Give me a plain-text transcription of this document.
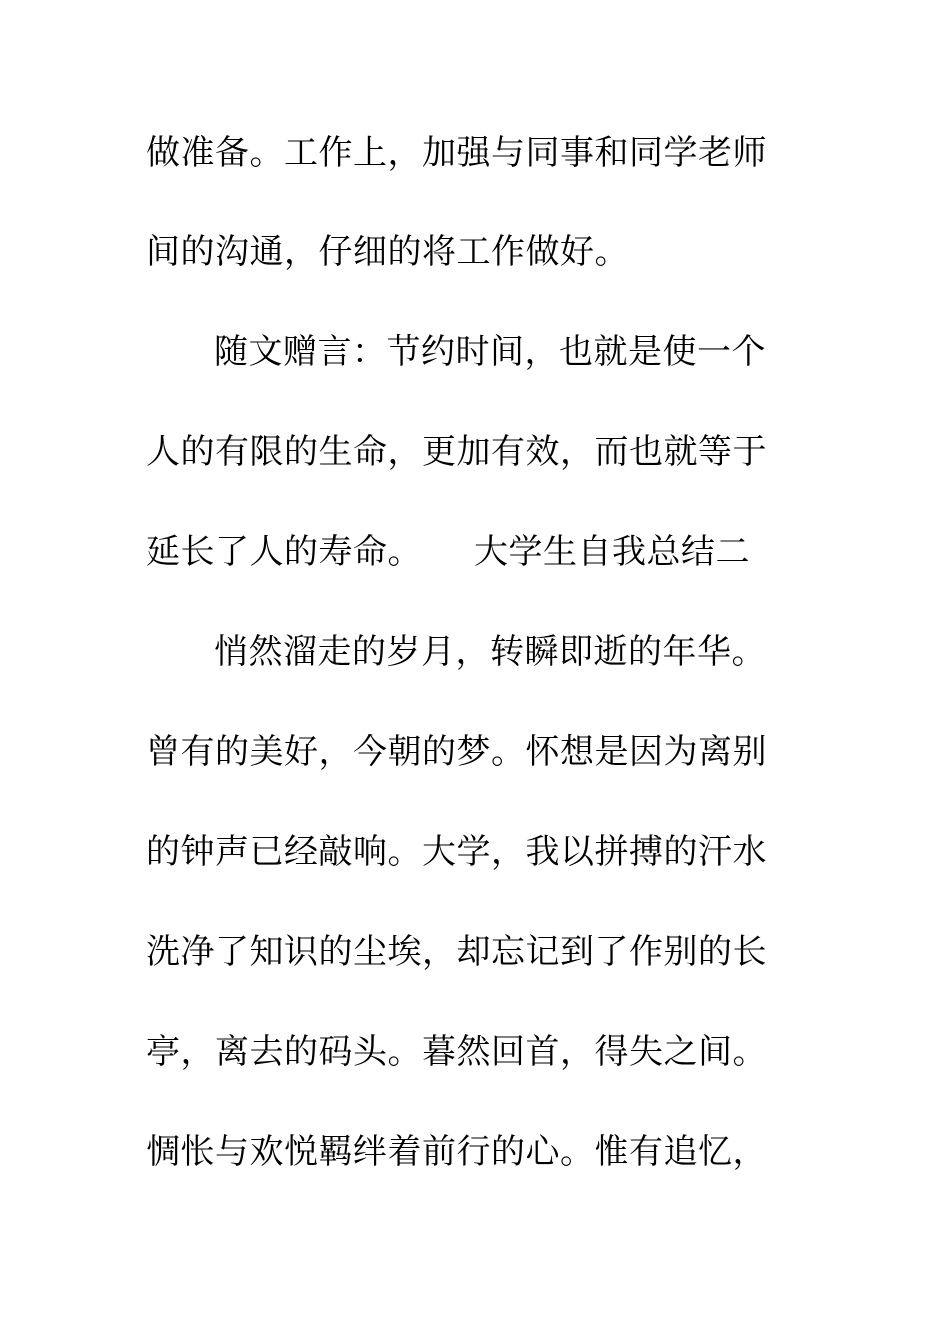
做准备。工作上，加强与同事和同学老师
间的沟通，仔细的将工作做好。
随文赠言：节约时间，也就是使一个
人的有限的生命，更加有效，而也就等于
延长了人的寿命。　　大学生自我总结二
悄然溜走的岁月，转瞬即逝的年华。
曾有的美好，今朝的梦。怀想是因为离别
的钟声已经敲响。大学，我以拼搏的汗水
洗净了知识的尘埃，却忘记到了作别的长
亭，离去的码头。暮然回首，得失之间。
惆怅与欢悦羁绊着前行的心。惟有追忆，
